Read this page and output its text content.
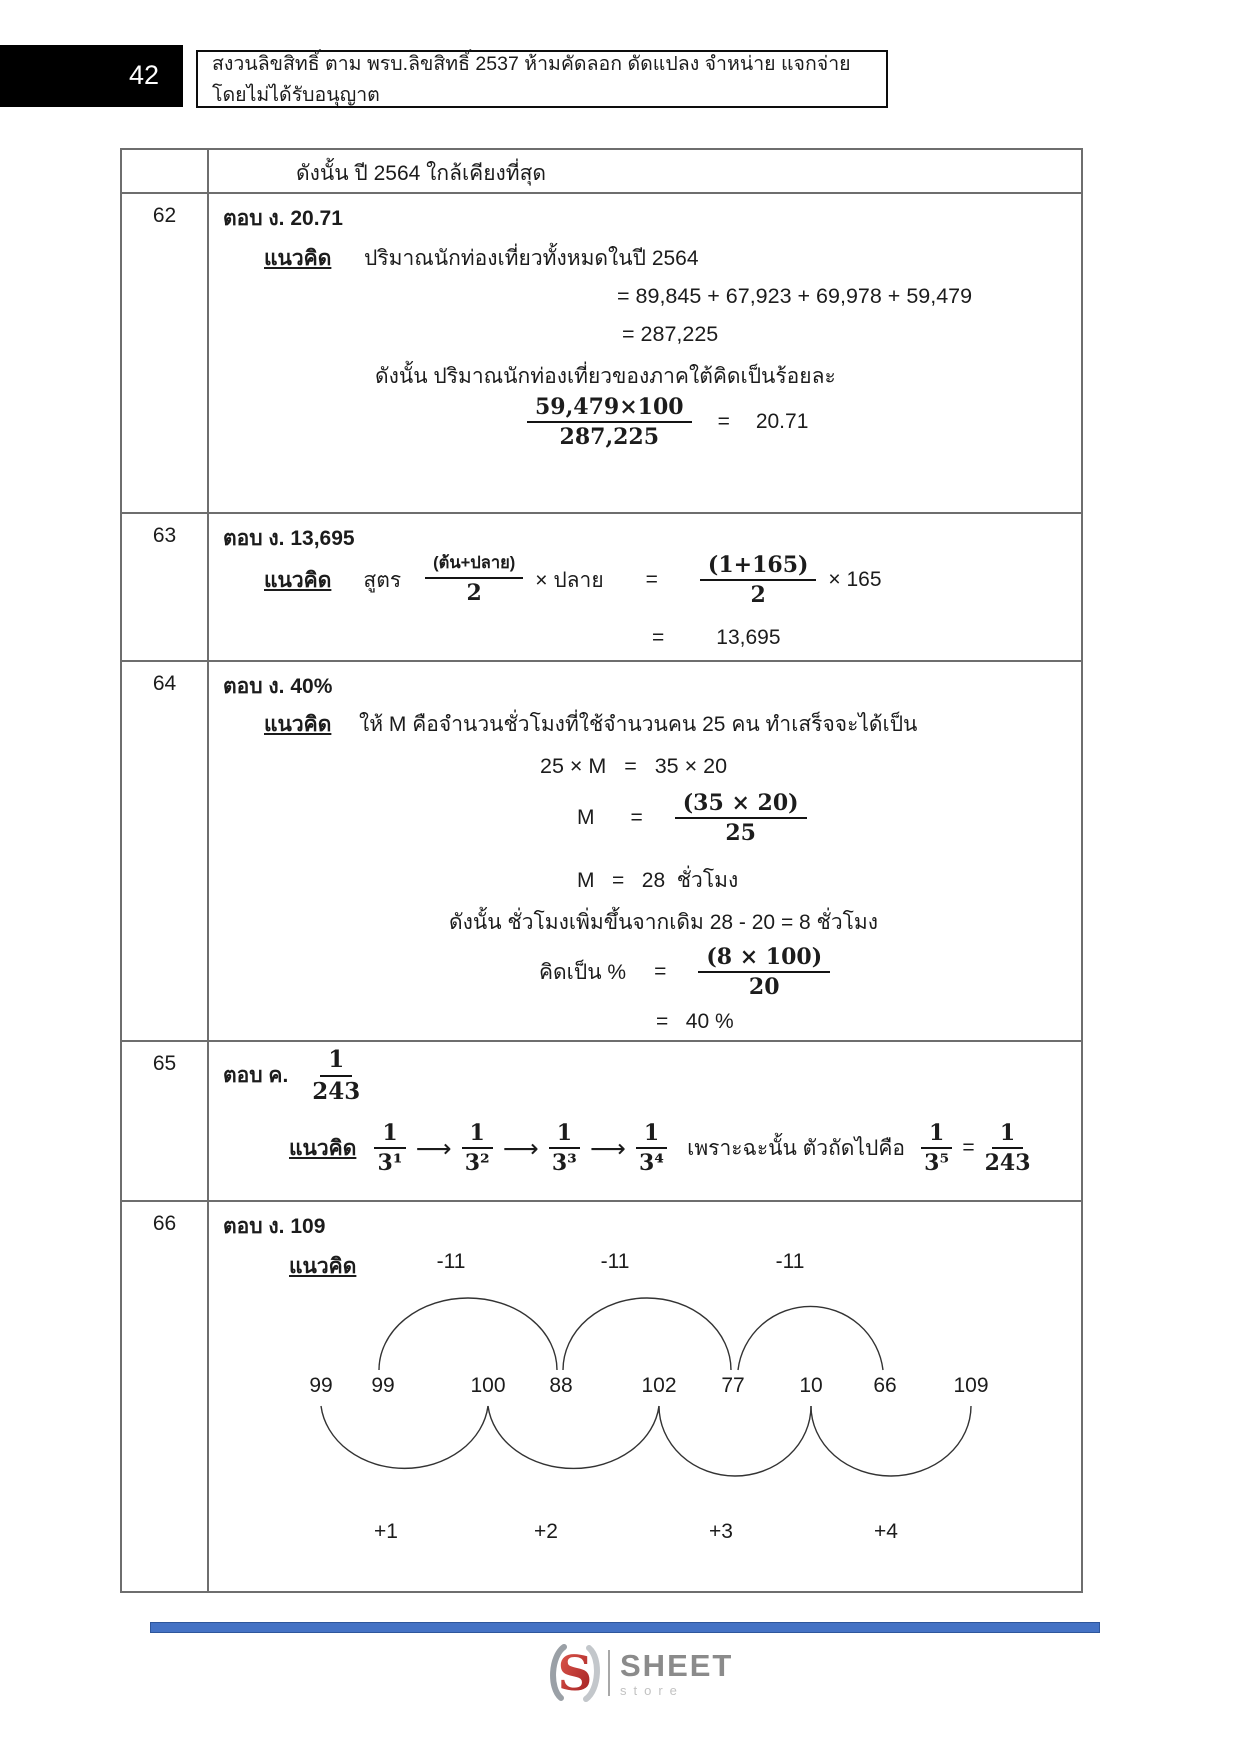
42	สงวนลิขสิทธิ์ ตาม พรบ.ลิขสิทธิ์ 2537 ห้ามคัดลอก ดัดแปลง จำหน่าย แจกจ่าย โดยไม่ได้รับอนุญาต
ดังนั้น ปี 2564 ใกล้เคียงที่สุด
62	ตอบ ง. 20.71
แนวคิด ปริมาณนักท่องเที่ยวทั้งหมดในปี 2564
= 89,845 + 67,923 + 69,978 + 59,479
= 287,225
ดังนั้น ปริมาณนักท่องเที่ยวของภาคใต้คิดเป็นร้อยละ
$\frac{59,479\times 100}{287,225} = 20.71$
63	ตอบ ง. 13,695
แนวคิด สูตร $\frac{\text{(ต้น+ปลาย)}}{2}$ × ปลาย = $\frac{(1+165)}{2} \times 165$
= 13,695
64	ตอบ ง. 40%
แนวคิด ให้ M คือจำนวนชั่วโมงที่ใช้จำนวนคน 25 คน ทำเสร็จจะได้เป็น
25 × M   =   35 × 20
$M = \frac{(35 \times 20)}{25}$
M   =   28  ชั่วโมง
ดังนั้น ชั่วโมงเพิ่มขึ้นจากเดิม 28 - 20 = 8 ชั่วโมง
คิดเป็น % = $\frac{(8 \times 100)}{20}$
=   40 %
65
ตอบ ค. $\frac{1}{243}$
แนวคิด $\frac{1}{\text{3¹}}$ ⟶ $\frac{1}{\text{3²}}$ ⟶ $\frac{1}{\text{3³}}$ ⟶ $\frac{1}{\text{3⁴}}$ เพราะฉะนั้น ตัวถัดไปคือ $\frac{1}{\text{3⁵}} = \frac{1}{243}$
66	ตอบ ง. 109
แนวคิด	-11	-11	-11
99	99	100	88	102	77	10	66	109
+1	+2	+3	+4
S SHEET
store
